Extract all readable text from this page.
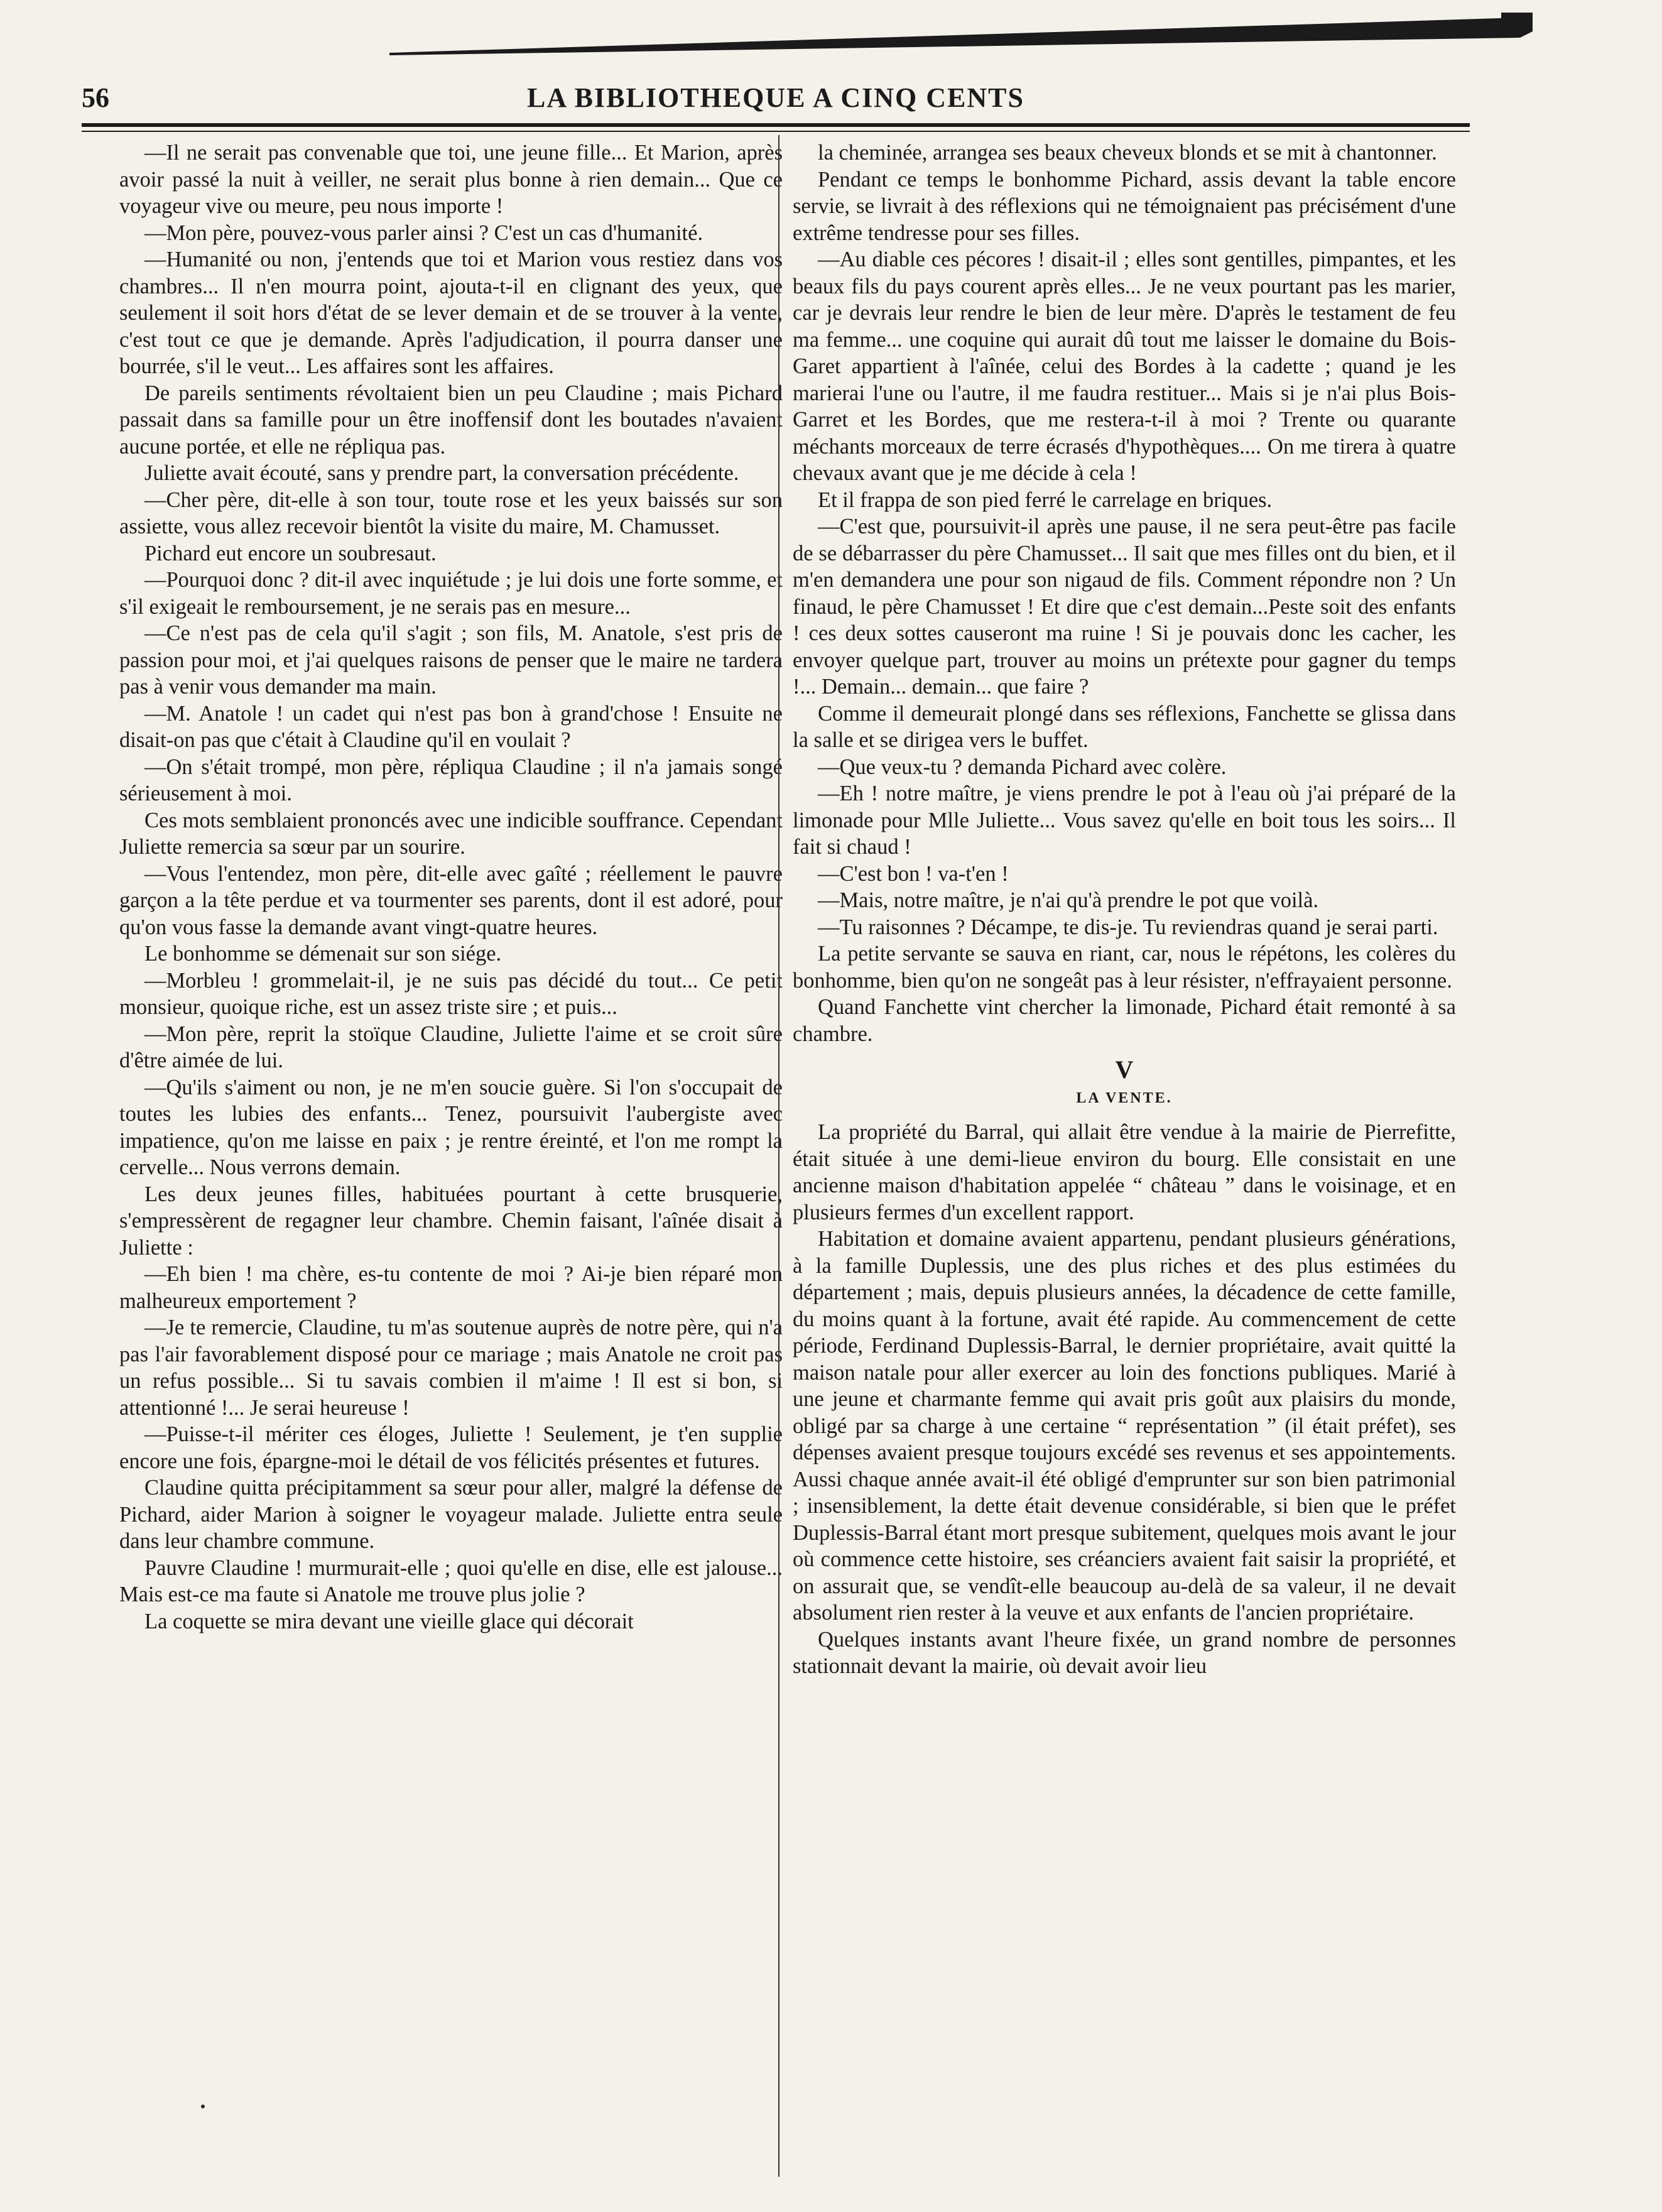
56	LA BIBLIOTHEQUE A CINQ CENTS

—Il ne serait pas convenable que toi, une jeune fille... Et Marion, après avoir passé la nuit à veiller, ne serait plus bonne à rien demain... Que ce voyageur vive ou meure, peu nous importe !

—Mon père, pouvez-vous parler ainsi ? C'est un cas d'humanité.

—Humanité ou non, j'entends que toi et Marion vous restiez dans vos chambres... Il n'en mourra point, ajouta-t-il en clignant des yeux, que seulement il soit hors d'état de se lever demain et de se trouver à la vente, c'est tout ce que je demande. Après l'adjudication, il pourra danser une bourrée, s'il le veut... Les affaires sont les affaires.

De pareils sentiments révoltaient bien un peu Claudine ; mais Pichard passait dans sa famille pour un être inoffensif dont les boutades n'avaient aucune portée, et elle ne répliqua pas.

Juliette avait écouté, sans y prendre part, la conversation précédente.

—Cher père, dit-elle à son tour, toute rose et les yeux baissés sur son assiette, vous allez recevoir bientôt la visite du maire, M. Chamusset.

Pichard eut encore un soubresaut.

—Pourquoi donc ? dit-il avec inquiétude ; je lui dois une forte somme, et s'il exigeait le remboursement, je ne serais pas en mesure...

—Ce n'est pas de cela qu'il s'agit ; son fils, M. Anatole, s'est pris de passion pour moi, et j'ai quelques raisons de penser que le maire ne tardera pas à venir vous demander ma main.

—M. Anatole ! un cadet qui n'est pas bon à grand'chose ! Ensuite ne disait-on pas que c'était à Claudine qu'il en voulait ?

—On s'était trompé, mon père, répliqua Claudine ; il n'a jamais songé sérieusement à moi.

Ces mots semblaient prononcés avec une indicible souffrance. Cependant Juliette remercia sa sœur par un sourire.

—Vous l'entendez, mon père, dit-elle avec gaîté ; réellement le pauvre garçon a la tête perdue et va tourmenter ses parents, dont il est adoré, pour qu'on vous fasse la demande avant vingt-quatre heures.

Le bonhomme se démenait sur son siége.

—Morbleu ! grommelait-il, je ne suis pas décidé du tout... Ce petit monsieur, quoique riche, est un assez triste sire ; et puis...

—Mon père, reprit la stoïque Claudine, Juliette l'aime et se croit sûre d'être aimée de lui.

—Qu'ils s'aiment ou non, je ne m'en soucie guère. Si l'on s'occupait de toutes les lubies des enfants... Tenez, poursuivit l'aubergiste avec impatience, qu'on me laisse en paix ; je rentre éreinté, et l'on me rompt la cervelle... Nous verrons demain.

Les deux jeunes filles, habituées pourtant à cette brusquerie, s'empressèrent de regagner leur chambre. Chemin faisant, l'aînée disait à Juliette :

—Eh bien ! ma chère, es-tu contente de moi ? Ai-je bien réparé mon malheureux emportement ?

—Je te remercie, Claudine, tu m'as soutenue auprès de notre père, qui n'a pas l'air favorablement disposé pour ce mariage ; mais Anatole ne croit pas un refus possible... Si tu savais combien il m'aime ! Il est si bon, si attentionné !... Je serai heureuse !

—Puisse-t-il mériter ces éloges, Juliette ! Seulement, je t'en supplie encore une fois, épargne-moi le détail de vos félicités présentes et futures.

Claudine quitta précipitamment sa sœur pour aller, malgré la défense de Pichard, aider Marion à soigner le voyageur malade. Juliette entra seule dans leur chambre commune.

Pauvre Claudine ! murmurait-elle ; quoi qu'elle en dise, elle est jalouse... Mais est-ce ma faute si Anatole me trouve plus jolie ?

La coquette se mira devant une vieille glace qui décorait

la cheminée, arrangea ses beaux cheveux blonds et se mit à chantonner.

Pendant ce temps le bonhomme Pichard, assis devant la table encore servie, se livrait à des réflexions qui ne témoignaient pas précisément d'une extrême tendresse pour ses filles.

—Au diable ces pécores ! disait-il ; elles sont gentilles, pimpantes, et les beaux fils du pays courent après elles... Je ne veux pourtant pas les marier, car je devrais leur rendre le bien de leur mère. D'après le testament de feu ma femme... une coquine qui aurait dû tout me laisser le domaine du Bois-Garet appartient à l'aînée, celui des Bordes à la cadette ; quand je les marierai l'une ou l'autre, il me faudra restituer... Mais si je n'ai plus Bois-Garret et les Bordes, que me restera-t-il à moi ? Trente ou quarante méchants morceaux de terre écrasés d'hypothèques.... On me tirera à quatre chevaux avant que je me décide à cela !

Et il frappa de son pied ferré le carrelage en briques.

—C'est que, poursuivit-il après une pause, il ne sera peut-être pas facile de se débarrasser du père Chamusset... Il sait que mes filles ont du bien, et il m'en demandera une pour son nigaud de fils. Comment répondre non ? Un finaud, le père Chamusset ! Et dire que c'est demain...Peste soit des enfants ! ces deux sottes causeront ma ruine ! Si je pouvais donc les cacher, les envoyer quelque part, trouver au moins un prétexte pour gagner du temps !... Demain... demain... que faire ?

Comme il demeurait plongé dans ses réflexions, Fanchette se glissa dans la salle et se dirigea vers le buffet.

—Que veux-tu ? demanda Pichard avec colère.

—Eh ! notre maître, je viens prendre le pot à l'eau où j'ai préparé de la limonade pour Mlle Juliette... Vous savez qu'elle en boit tous les soirs... Il fait si chaud !

—C'est bon ! va-t'en !

—Mais, notre maître, je n'ai qu'à prendre le pot que voilà.

—Tu raisonnes ? Décampe, te dis-je. Tu reviendras quand je serai parti.

La petite servante se sauva en riant, car, nous le répétons, les colères du bonhomme, bien qu'on ne songeât pas à leur résister, n'effrayaient personne.

Quand Fanchette vint chercher la limonade, Pichard était remonté à sa chambre.

V
LA VENTE.

La propriété du Barral, qui allait être vendue à la mairie de Pierrefitte, était située à une demi-lieue environ du bourg. Elle consistait en une ancienne maison d'habitation appelée “ château ” dans le voisinage, et en plusieurs fermes d'un excellent rapport.

Habitation et domaine avaient appartenu, pendant plusieurs générations, à la famille Duplessis, une des plus riches et des plus estimées du département ; mais, depuis plusieurs années, la décadence de cette famille, du moins quant à la fortune, avait été rapide. Au commencement de cette période, Ferdinand Duplessis-Barral, le dernier propriétaire, avait quitté la maison natale pour aller exercer au loin des fonctions publiques. Marié à une jeune et charmante femme qui avait pris goût aux plaisirs du monde, obligé par sa charge à une certaine “ représentation ” (il était préfet), ses dépenses avaient presque toujours excédé ses revenus et ses appointements. Aussi chaque année avait-il été obligé d'emprunter sur son bien patrimonial ; insensiblement, la dette était devenue considérable, si bien que le préfet Duplessis-Barral étant mort presque subitement, quelques mois avant le jour où commence cette histoire, ses créanciers avaient fait saisir la propriété, et on assurait que, se vendît-elle beaucoup au-delà de sa valeur, il ne devait absolument rien rester à la veuve et aux enfants de l'ancien propriétaire.

Quelques instants avant l'heure fixée, un grand nombre de personnes stationnait devant la mairie, où devait avoir lieu
